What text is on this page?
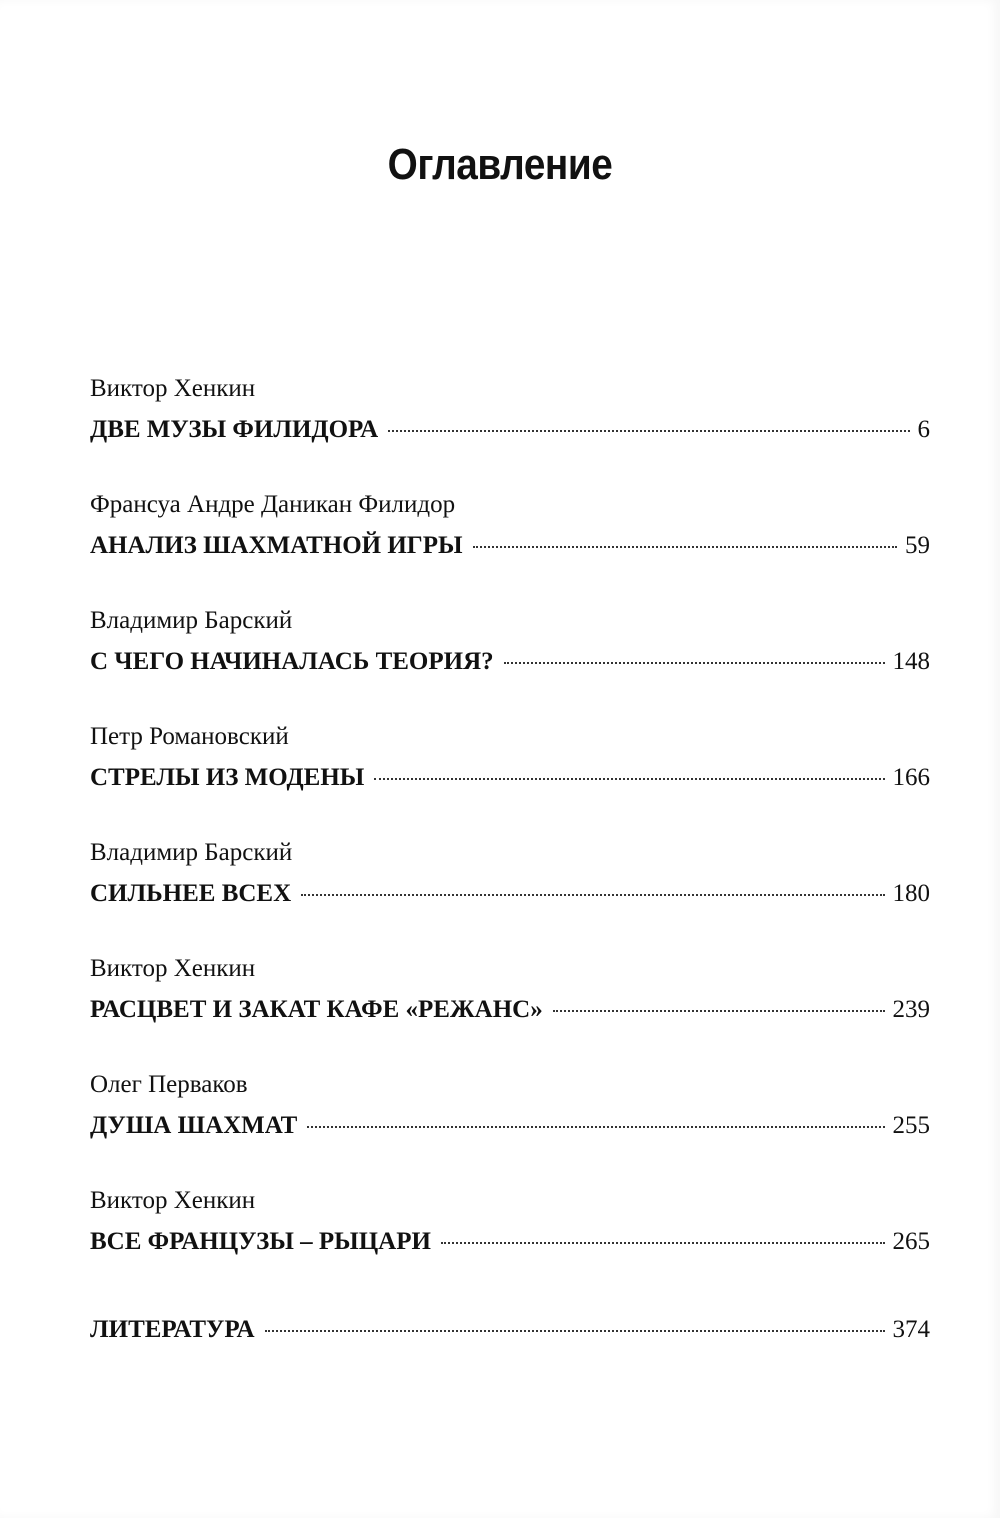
Оглавление
Виктор Хенкин
ДВЕ МУЗЫ ФИЛИДОРА	6
Франсуа Андре Даникан Филидор
АНАЛИЗ ШАХМАТНОЙ ИГРЫ	59
Владимир Барский
С ЧЕГО НАЧИНАЛАСЬ ТЕОРИЯ?	148
Петр Романовский
СТРЕЛЫ ИЗ МОДЕНЫ	166
Владимир Барский
СИЛЬНЕЕ ВСЕХ	180
Виктор Хенкин
РАСЦВЕТ И ЗАКАТ КАФЕ «РЕЖАНС»	239
Олег Перваков
ДУША ШАХМАТ	255
Виктор Хенкин
ВСЕ ФРАНЦУЗЫ – РЫЦАРИ	265
ЛИТЕРАТУРА	374
